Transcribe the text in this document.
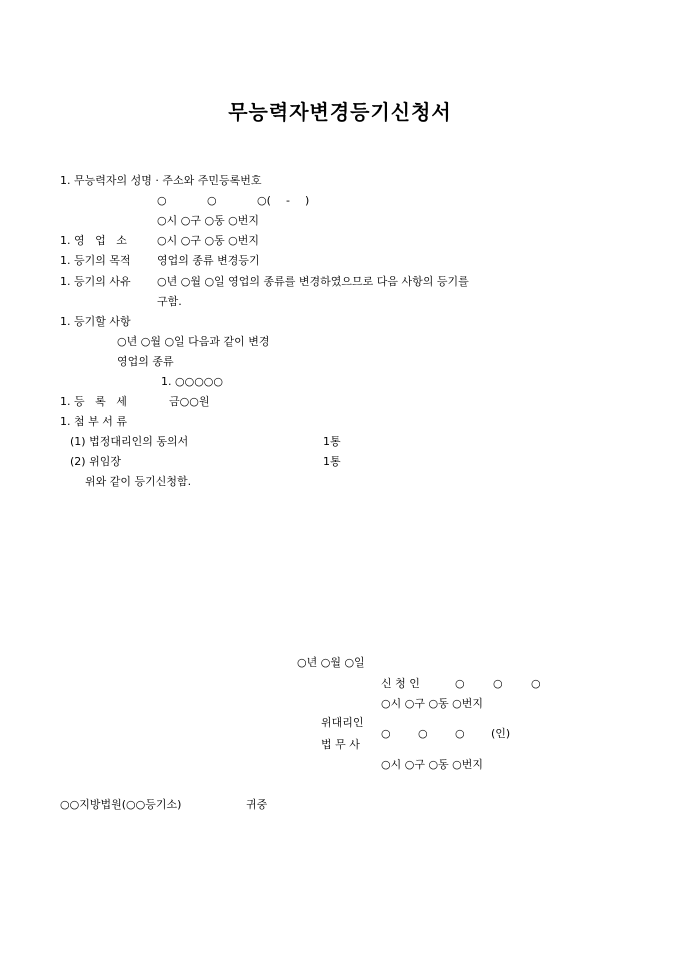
무능력자변경등기신청서
1. 무능력자의 성명 · 주소와 주민등록번호
○	○	○( - )
○시 ○구 ○동 ○번지
1. 영   업   소	○시 ○구 ○동 ○번지
1. 등기의 목적 영업의 종류 변경등기
1. 등기의 사유 ○년 ○월 ○일 영업의 종류를 변경하였으므로 다음 사항의 등기를
구함.
1. 등기할 사항
○년 ○월 ○일 다음과 같이 변경
영업의 종류
1. ○○○○○
1. 등   록   세	금○○원
1. 첨 부 서 류
(1) 법정대리인의 동의서	1통
(2) 위임장	1통
위와 같이 등기신청함.
○년 ○월 ○일
신 청 인	○	○	○
○시 ○구 ○동 ○번지
위대리인
법 무 사
○ ○ ○ (인)
○시 ○구 ○동 ○번지
○○지방법원(○○등기소)	귀중
